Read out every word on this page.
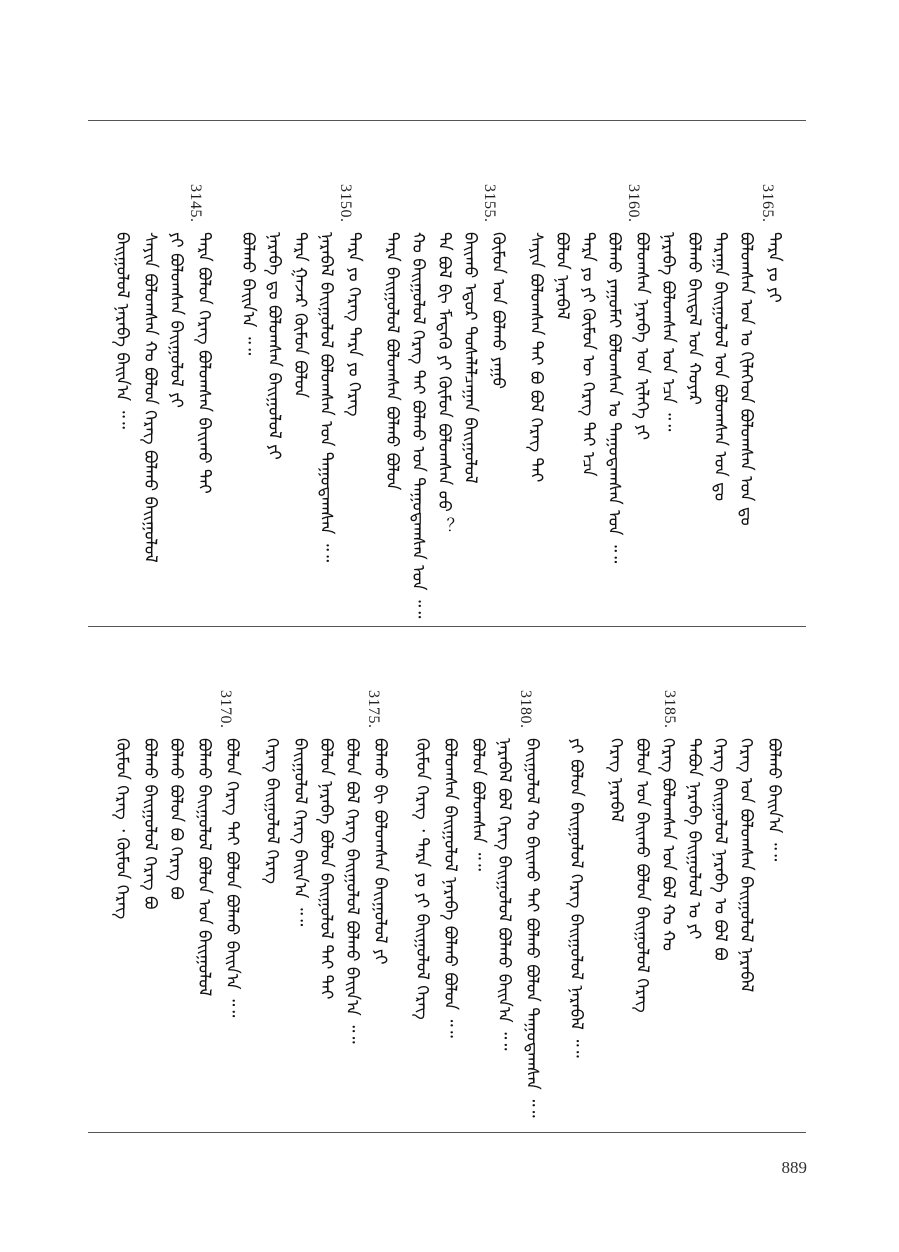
3165.
ᠲᠡᠷᠡ ᠶᠤ ᠶᠢ
ᠪᠣᠯᠤᠭᠰᠠᠨ ᠤᠨ ᠤ ᠬᠢᠯᠡᠭᠡᠳ ᠪᠣᠯᠤᠭᠰᠠᠨ ᠤᠨ ᠳᠤ
ᠳᠠᠷᠠᠭᠠ ᠪᠠᠢᠭᠤᠯᠤᠯ ᠤᠨ ᠪᠣᠯᠤᠭᠰᠠᠨ ᠤᠨ ᠳᠤ
ᠪᠣᠯᠬᠤ ᠪᠠᠢᠳᠠᠯ ᠤᠨ ᠬᠣᠶᠠᠷ
ᠨᠡᠷᠡᠪᠡ ᠪᠣᠯᠤᠭᠰᠠᠨ ᠤᠨ ᠡᠴᠡ ᠃᠃
3160.
ᠪᠣᠯᠤᠭᠰᠠᠨ ᠨᠡᠷᠡᠪᠡ ᠤᠨ ᠢᠯᠡᠭᠡ ᠶᠢ
ᠪᠣᠯᠬᠤ ᠶᠠᠭᠤᠮᠠᠢ ᠪᠣᠯᠤᠭᠰᠠᠨ ᠤ ᠳᠠᠭᠤᠳᠠᠭᠰᠠᠨ ᠤᠨ ᠃᠃
ᠲᠡᠷᠡ ᠶᠤ ᠶᠢ ᠬᠦᠮᠦᠨ ᠦ ᠬᠡᠷᠡᠭ ᠲᠡᠢ ᠡᠴᠡ
ᠪᠣᠯᠤᠨ ᠨᠡᠷᠡᠪᠡᠯ
ᠰᠠᠶᠢᠨ ᠪᠣᠯᠤᠭᠰᠠᠨ ᠲᠠᠢ ᠪᠤ ᠪᠣᠯ ᠬᠡᠷᠡᠭ ᠲᠡᠢ
3155.
ᠬᠦᠮᠦᠨ ᠤᠨ ᠪᠣᠯᠬᠤ ᠶᠠᠭᠤ
ᠪᠠᠢᠬᠤ ᠡᠳᠦᠷ ᠲᠤᠰᠠᠯᠠᠯᠴᠠᠭᠠᠨ ᠪᠠᠢᠭᠤᠯᠤᠯ
ᠲᠠ ᠪᠣᠯ ᠪᠢ ᠮᠡᠳᠡᠬᠦ ᠶᠢ ᠬᠦᠮᠦᠨ ᠪᠣᠯᠤᠭᠰᠠᠨ ᠤᠤ ？
ᠬᠣ ᠪᠠᠢᠭᠤᠯᠤᠯ ᠬᠡᠷᠡᠭ ᠲᠡᠢ ᠪᠣᠯᠬᠤ ᠤᠨ ᠳᠠᠭᠤᠳᠠᠭᠰᠠᠨ ᠤᠨ ᠃᠃
ᠲᠡᠷᠡ ᠪᠠᠢᠭᠤᠯᠤᠯ ᠪᠣᠯᠤᠭᠰᠠᠨ ᠪᠣᠯᠬᠤ ᠪᠣᠯᠤᠨ
3150.
ᠲᠡᠷᠡ ᠶᠤ ᠬᠡᠷᠡᠭ ᠲᠡᠷᠡ ᠶᠤ ᠬᠡᠷᠡᠭ
ᠨᠡᠷᠡᠪᠡᠯ ᠪᠠᠢᠭᠤᠯᠤᠯ ᠪᠣᠯᠤᠭᠰᠠᠨ ᠤᠨ ᠳᠠᠭᠤᠳᠠᠭᠰᠠᠨ ᠃᠃
ᠲᠡᠷᠡ ᠭᠠᠵᠠᠷ ᠬᠦᠮᠦᠨ ᠪᠣᠯᠤᠨ
ᠨᠡᠷᠡᠪᠡ ᠳᠤ ᠪᠣᠯᠤᠭᠰᠠᠨ ᠪᠠᠢᠭᠤᠯᠤᠯ ᠶᠢ
ᠪᠣᠯᠬᠤ ᠪᠠᠢᠨ᠎ᠠ ᠃᠃
3145.
ᠲᠡᠷᠡ ᠪᠣᠯᠤᠨ ᠬᠡᠷᠡᠭ ᠪᠣᠯᠤᠭᠰᠠᠨ ᠪᠠᠢᠬᠤ ᠲᠡᠢ
ᠶᠢ ᠪᠣᠯᠤᠭᠰᠠᠨ ᠪᠠᠢᠭᠤᠯᠤᠯ ᠶᠢ
ᠰᠠᠶᠢᠨ ᠪᠣᠯᠤᠭᠰᠠᠨ ᠬᠣ ᠪᠣᠯᠤᠨ ᠬᠡᠷᠡᠭ ᠪᠣᠯᠬᠤ ᠪᠠᠢᠭᠤᠯᠤᠯ
ᠪᠠᠢᠭᠤᠯᠤᠯ ᠨᠡᠷᠡᠪᠡ ᠪᠠᠢᠨ᠎ᠠ ᠃᠃
ᠪᠣᠯᠬᠤ ᠪᠠᠢᠨ᠎ᠠ ᠃᠃
ᠬᠡᠷᠡᠭ ᠤᠨ ᠪᠣᠯᠤᠭᠰᠠᠨ ᠪᠠᠢᠭᠤᠯᠤᠯ ᠨᠡᠷᠡᠪᠡᠯ
ᠬᠡᠷᠡᠭ ᠪᠠᠢᠭᠤᠯᠤᠯ ᠨᠡᠷᠡᠪᠡ ᠤ ᠪᠣᠯ ᠪᠤ
ᠲᠠᠪᠤᠨ ᠨᠡᠷᠡᠪᠡ ᠪᠠᠢᠭᠤᠯᠤᠯ ᠤ ᠶᠢ
3185.
ᠬᠡᠷᠡᠭ ᠪᠣᠯᠤᠭᠰᠠᠨ ᠤᠨ ᠪᠣᠯ ᠬᠣ ᠬᠣ
ᠪᠣᠯᠤᠨ ᠤᠨ ᠪᠠᠢᠬᠤ ᠪᠣᠯᠤᠨ ᠪᠠᠢᠭᠤᠯᠤᠯ ᠬᠡᠷᠡᠭ
ᠬᠡᠷᠡᠭ ᠨᠡᠷᠡᠪᠡᠯ
ᠶᠢ ᠪᠣᠯᠤᠨ ᠪᠠᠢᠭᠤᠯᠤᠯ ᠬᠡᠷᠡᠭ ᠪᠠᠢᠭᠤᠯᠤᠯ ᠨᠡᠷᠡᠪᠡᠯ ᠃᠃
3180.
ᠪᠠᠢᠭᠤᠯᠤᠯ ᠬᠣ ᠪᠠᠢᠬᠤ ᠲᠡᠢ ᠪᠣᠯᠬᠤ ᠪᠣᠯᠤᠨ ᠳᠠᠭᠤᠳᠠᠭᠰᠠᠨ ᠃᠃
ᠨᠡᠷᠡᠪᠡᠯ ᠪᠣᠯ ᠬᠡᠷᠡᠭ ᠪᠠᠢᠭᠤᠯᠤᠯ ᠪᠣᠯᠬᠤ ᠪᠠᠢᠨ᠎ᠠ ᠃᠃
ᠪᠣᠯᠤᠨ ᠪᠣᠯᠤᠭᠰᠠᠨ ᠃᠃
ᠪᠣᠯᠤᠭᠰᠠᠨ ᠪᠠᠢᠭᠤᠯᠤᠯ ᠨᠡᠷᠡᠪᠡ ᠪᠣᠯᠬᠤ ᠪᠣᠯᠤᠨ ᠃᠃
ᠬᠦᠮᠦᠨ ᠬᠡᠷᠡᠭ ᠂ ᠲᠡᠷᠡ ᠶᠤ ᠶᠢ ᠪᠠᠢᠭᠤᠯᠤᠯ ᠬᠡᠷᠡᠭ
3175.
ᠪᠣᠯᠬᠤ ᠪᠢ ᠪᠣᠯᠤᠭᠰᠠᠨ ᠪᠠᠢᠭᠤᠯᠤᠯ ᠶᠢ
ᠪᠣᠯᠤᠨ ᠪᠣᠯ ᠬᠡᠷᠡᠭ ᠪᠠᠢᠭᠤᠯᠤᠯ ᠪᠣᠯᠬᠤ ᠪᠠᠢᠨ᠎ᠠ ᠃᠃
ᠪᠣᠯᠤᠨ ᠨᠡᠷᠡᠪᠡ ᠪᠣᠯᠤᠨ ᠪᠠᠢᠭᠤᠯᠤᠯ ᠲᠡᠢ ᠲᠡᠢ
ᠪᠠᠢᠭᠤᠯᠤᠯ ᠬᠡᠷᠡᠭ ᠪᠠᠢᠨ᠎ᠠ ᠃᠃
ᠬᠡᠷᠡᠭ ᠪᠠᠢᠭᠤᠯᠤᠯ ᠬᠡᠷᠡᠭ
3170.
ᠪᠣᠯᠤᠨ ᠬᠡᠷᠡᠭ ᠲᠡᠢ ᠪᠣᠯᠤᠨ ᠪᠣᠯᠬᠤ ᠪᠠᠢᠨ᠎ᠠ ᠃᠃
ᠪᠣᠯᠬᠤ ᠪᠠᠢᠭᠤᠯᠤᠯ ᠪᠣᠯᠤᠨ ᠤᠨ ᠪᠠᠢᠭᠤᠯᠤᠯ
ᠪᠣᠯᠬᠤ ᠪᠣᠯᠤᠨ ᠪᠤ ᠬᠡᠷᠡᠭ ᠪᠤ
ᠪᠣᠯᠬᠤ ᠪᠠᠢᠭᠤᠯᠤᠯ ᠬᠡᠷᠡᠭ ᠪᠤ
ᠬᠦᠮᠦᠨ ᠬᠡᠷᠡᠭ ᠂ ᠬᠦᠮᠦᠨ ᠬᠡᠷᠡᠭ
889
